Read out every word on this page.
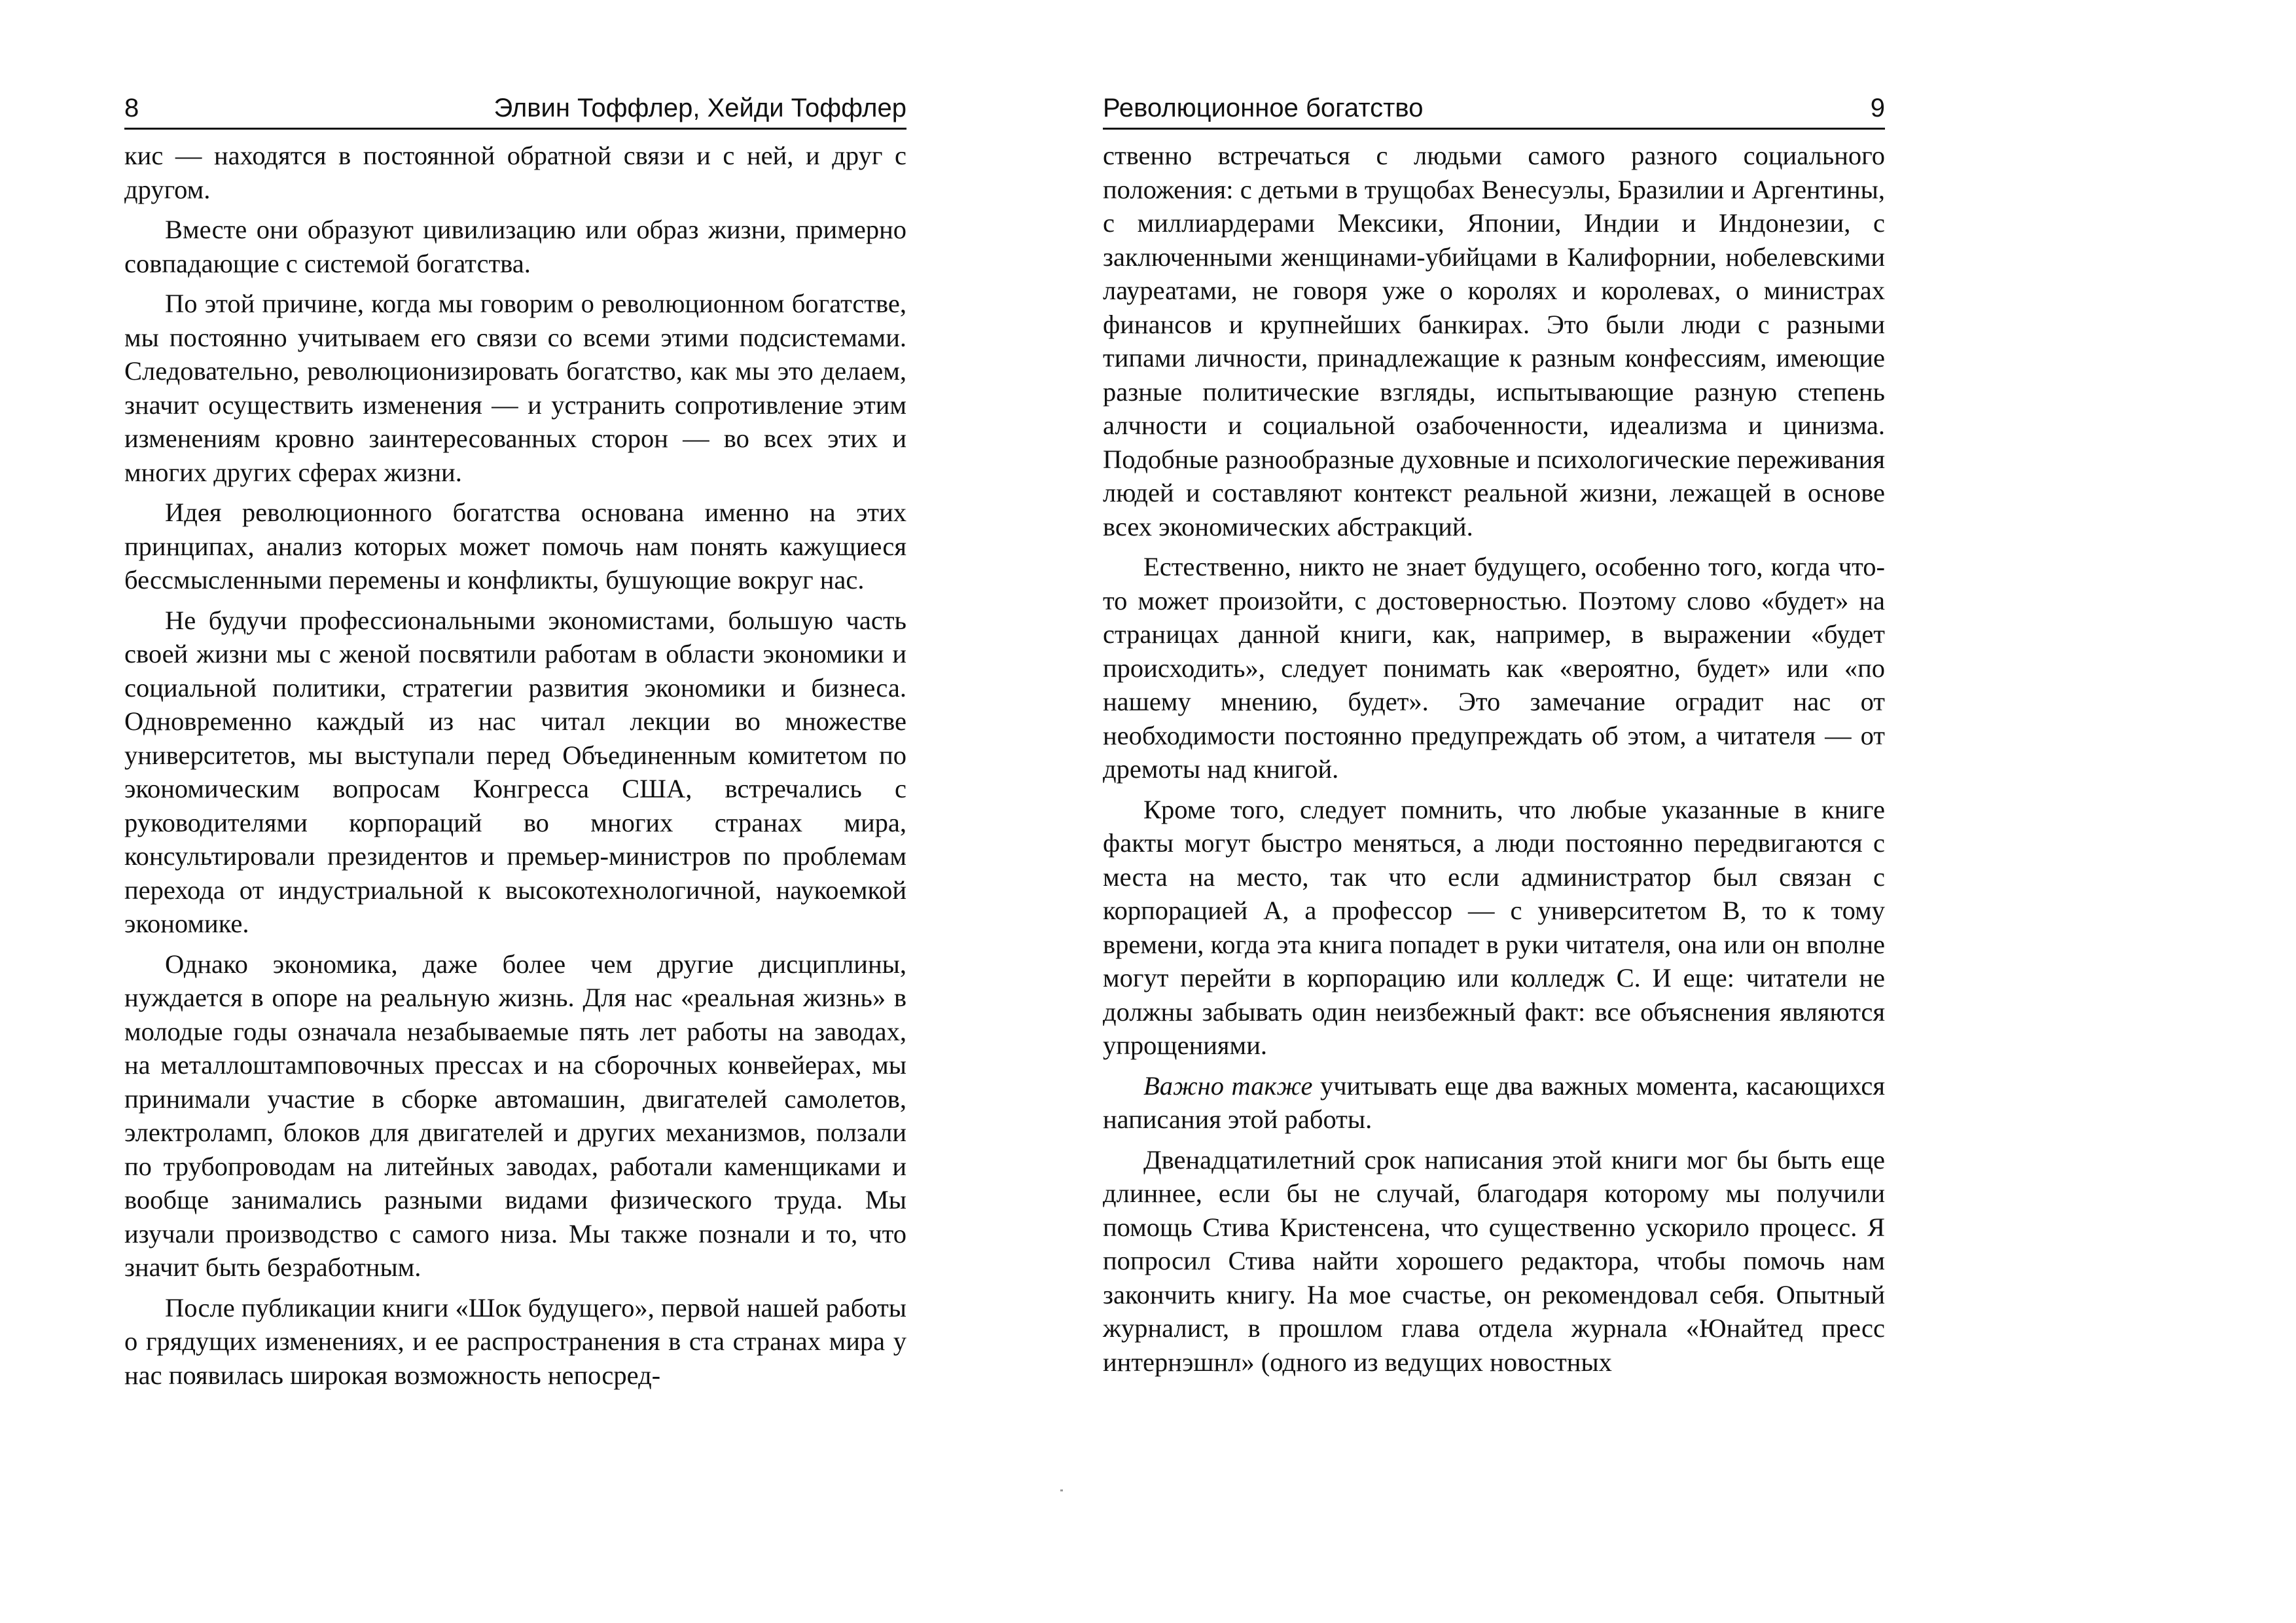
8	Элвин Тоффлер, Хейди Тоффлер

кис — находятся в постоянной обратной связи и с ней, и друг с другом.

Вместе они образуют цивилизацию или образ жизни, примерно совпадающие с системой богатства.

По этой причине, когда мы говорим о революционном богатстве, мы постоянно учитываем его связи со всеми этими подсистемами. Следовательно, революционизировать богатство, как мы это делаем, значит осуществить изменения — и устранить сопротивление этим изменениям кровно заинтересованных сторон — во всех этих и многих других сферах жизни.

Идея революционного богатства основана именно на этих принципах, анализ которых может помочь нам понять кажущиеся бессмысленными перемены и конфликты, бушующие вокруг нас.

Не будучи профессиональными экономистами, большую часть своей жизни мы с женой посвятили работам в области экономики и социальной политики, стратегии развития экономики и бизнеса. Одновременно каждый из нас читал лекции во множестве университетов, мы выступали перед Объединенным комитетом по экономическим вопросам Конгресса США, встречались с руководителями корпораций во многих странах мира, консультировали президентов и премьер-министров по проблемам перехода от индустриальной к высокотехнологичной, наукоемкой экономике.

Однако экономика, даже более чем другие дисциплины, нуждается в опоре на реальную жизнь. Для нас «реальная жизнь» в молодые годы означала незабываемые пять лет работы на заводах, на металлоштамповочных прессах и на сборочных конвейерах, мы принимали участие в сборке автомашин, двигателей самолетов, электроламп, блоков для двигателей и других механизмов, ползали по трубопроводам на литейных заводах, работали каменщиками и вообще занимались разными видами физического труда. Мы изучали производство с самого низа. Мы также познали и то, что значит быть безработным.

После публикации книги «Шок будущего», первой нашей работы о грядущих изменениях, и ее распространения в ста странах мира у нас появилась широкая возможность непосред-

Революционное богатство	9

ственно встречаться с людьми самого разного социального положения: с детьми в трущобах Венесуэлы, Бразилии и Аргентины, с миллиардерами Мексики, Японии, Индии и Индонезии, с заключенными женщинами-убийцами в Калифорнии, нобелевскими лауреатами, не говоря уже о королях и королевах, о министрах финансов и крупнейших банкирах. Это были люди с разными типами личности, принадлежащие к разным конфессиям, имеющие разные политические взгляды, испытывающие разную степень алчности и социальной озабоченности, идеализма и цинизма. Подобные разнообразные духовные и психологические переживания людей и составляют контекст реальной жизни, лежащей в основе всех экономических абстракций.

Естественно, никто не знает будущего, особенно того, когда что-то может произойти, с достоверностью. Поэтому слово «будет» на страницах данной книги, как, например, в выражении «будет происходить», следует понимать как «вероятно, будет» или «по нашему мнению, будет». Это замечание оградит нас от необходимости постоянно предупреждать об этом, а читателя — от дремоты над книгой.

Кроме того, следует помнить, что любые указанные в книге факты могут быстро меняться, а люди постоянно передвигаются с места на место, так что если администратор был связан с корпорацией А, а профессор — с университетом В, то к тому времени, когда эта книга попадет в руки читателя, она или он вполне могут перейти в корпорацию или колледж С. И еще: читатели не должны забывать один неизбежный факт: все объяснения являются упрощениями.

Важно также учитывать еще два важных момента, касающихся написания этой работы.

Двенадцатилетний срок написания этой книги мог бы быть еще длиннее, если бы не случай, благодаря которому мы получили помощь Стива Кристенсена, что существенно ускорило процесс. Я попросил Стива найти хорошего редактора, чтобы помочь нам закончить книгу. На мое счастье, он рекомендовал себя. Опытный журналист, в прошлом глава отдела журнала «Юнайтед пресс интернэшнл» (одного из ведущих новостных
